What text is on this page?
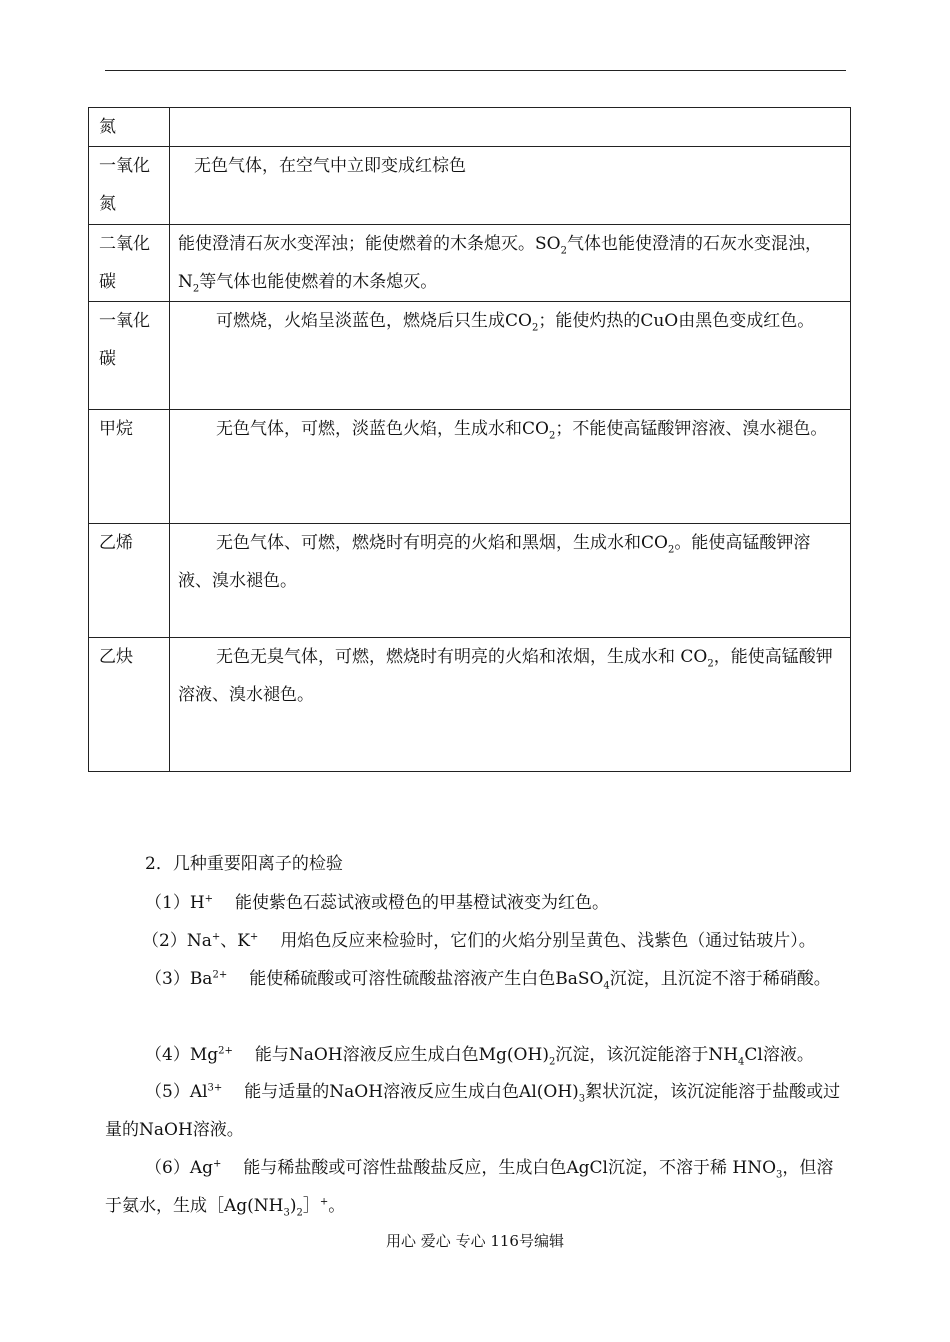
氮	
一氧化氮	无色气体，在空气中立即变成红棕色
二氧化碳	能使澄清石灰水变浑浊；能使燃着的木条熄灭。$SO_2$气体也能使澄清的石灰水变混浊，$N_2$等气体也能使燃着的木条熄灭。
一氧化碳	可燃烧，火焰呈淡蓝色，燃烧后只生成$CO_2$；能使灼热的CuO由黑色变成红色。
甲烷	无色气体，可燃，淡蓝色火焰，生成水和$CO_2$；不能使高锰酸钾溶液、溴水褪色。
乙烯	无色气体、可燃，燃烧时有明亮的火焰和黑烟，生成水和$CO_2$。能使高锰酸钾溶液、溴水褪色。
乙炔	无色无臭气体，可燃，燃烧时有明亮的火焰和浓烟，生成水和 $CO_2$，能使高锰酸钾溶液、溴水褪色。
2．几种重要阳离子的检验
（1）H+ 能使紫色石蕊试液或橙色的甲基橙试液变为红色。
（2）Na+、K+ 用焰色反应来检验时，它们的火焰分别呈黄色、浅紫色（通过钴玻片）。
$(3)Ba^{2+}$ 能使稀硫酸或可溶性硫酸盐溶液产生白色BaSO$_4$沉淀，且沉淀不溶于稀硝酸。
$(4)Mg^{2+}$ 能与NaOH溶液反应生成白色$Mg(OH)_2$沉淀，该沉淀能溶于$NH_4Cl$溶液。
$(5)Al^{3+}$ 能与适量的NaOH溶液反应生成白色$Al(OH)_3$絮状沉淀，该沉淀能溶于盐酸或过量的NaOH溶液。
（6）Ag+ 能与稀盐酸或可溶性盐酸盐反应，生成白色AgCl沉淀，不溶于稀 $HNO_3$，但溶于氨水，生成$[Ag(NH_3)_2]^+$。
用心 爱心 专心 116号编辑
